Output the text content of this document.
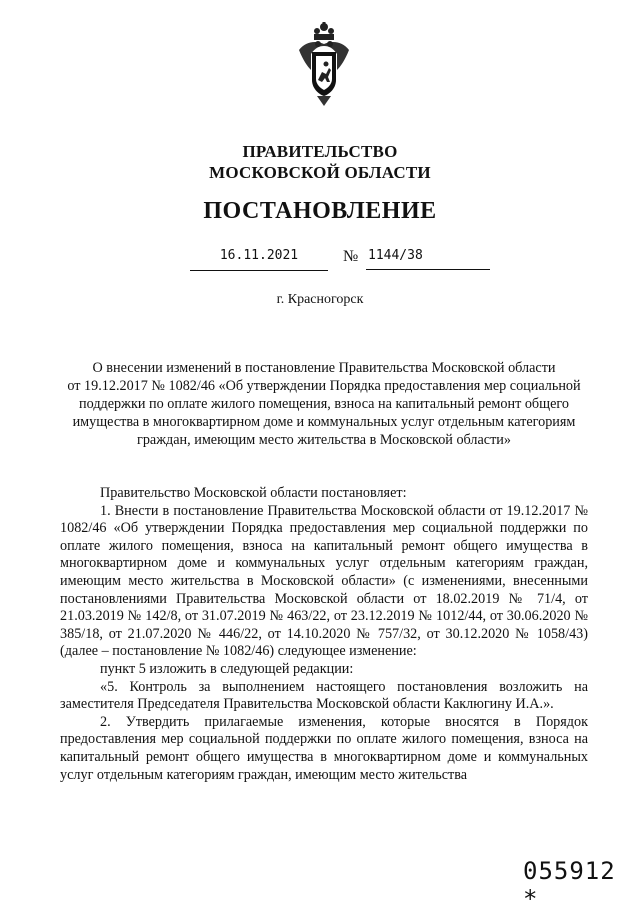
ПРАВИТЕЛЬСТВО
МОСКОВСКОЙ ОБЛАСТИ
ПОСТАНОВЛЕНИЕ
16.11.2021	№ 1144/38
г. Красногорск
О внесении изменений в постановление Правительства Московской области
от 19.12.2017 № 1082/46 «Об утверждении Порядка предоставления мер социальной
поддержки по оплате жилого помещения, взноса на капитальный ремонт общего
имущества в многоквартирном доме и коммунальных услуг отдельным категориям
граждан, имеющим место жительства в Московской области»

Правительство Московской области постановляет:

1. Внести в постановление Правительства Московской области от 19.12.2017 № 1082/46 «Об утверждении Порядка предоставления мер социальной поддержки по оплате жилого помещения, взноса на капитальный ремонт общего имущества в многоквартирном доме и коммунальных услуг отдельным категориям граждан, имеющим место жительства в Московской области» (с изменениями, внесенными постановлениями Правительства Московской области от 18.02.2019 № 71/4, от 21.03.2019 № 142/8, от 31.07.2019 № 463/22, от 23.12.2019 № 1012/44, от 30.06.2020 № 385/18, от 21.07.2020 № 446/22, от 14.10.2020 № 757/32, от 30.12.2020 № 1058/43) (далее – постановление № 1082/46) следующее изменение:

пункт 5 изложить в следующей редакции:

«5. Контроль за выполнением настоящего постановления возложить на заместителя Председателя Правительства Московской области Каклюгину И.А.».

2. Утвердить прилагаемые изменения, которые вносятся в Порядок предоставления мер социальной поддержки по оплате жилого помещения, взноса на капитальный ремонт общего имущества в многоквартирном доме и коммунальных услуг отдельным категориям граждан, имеющим место жительства

055912 *
